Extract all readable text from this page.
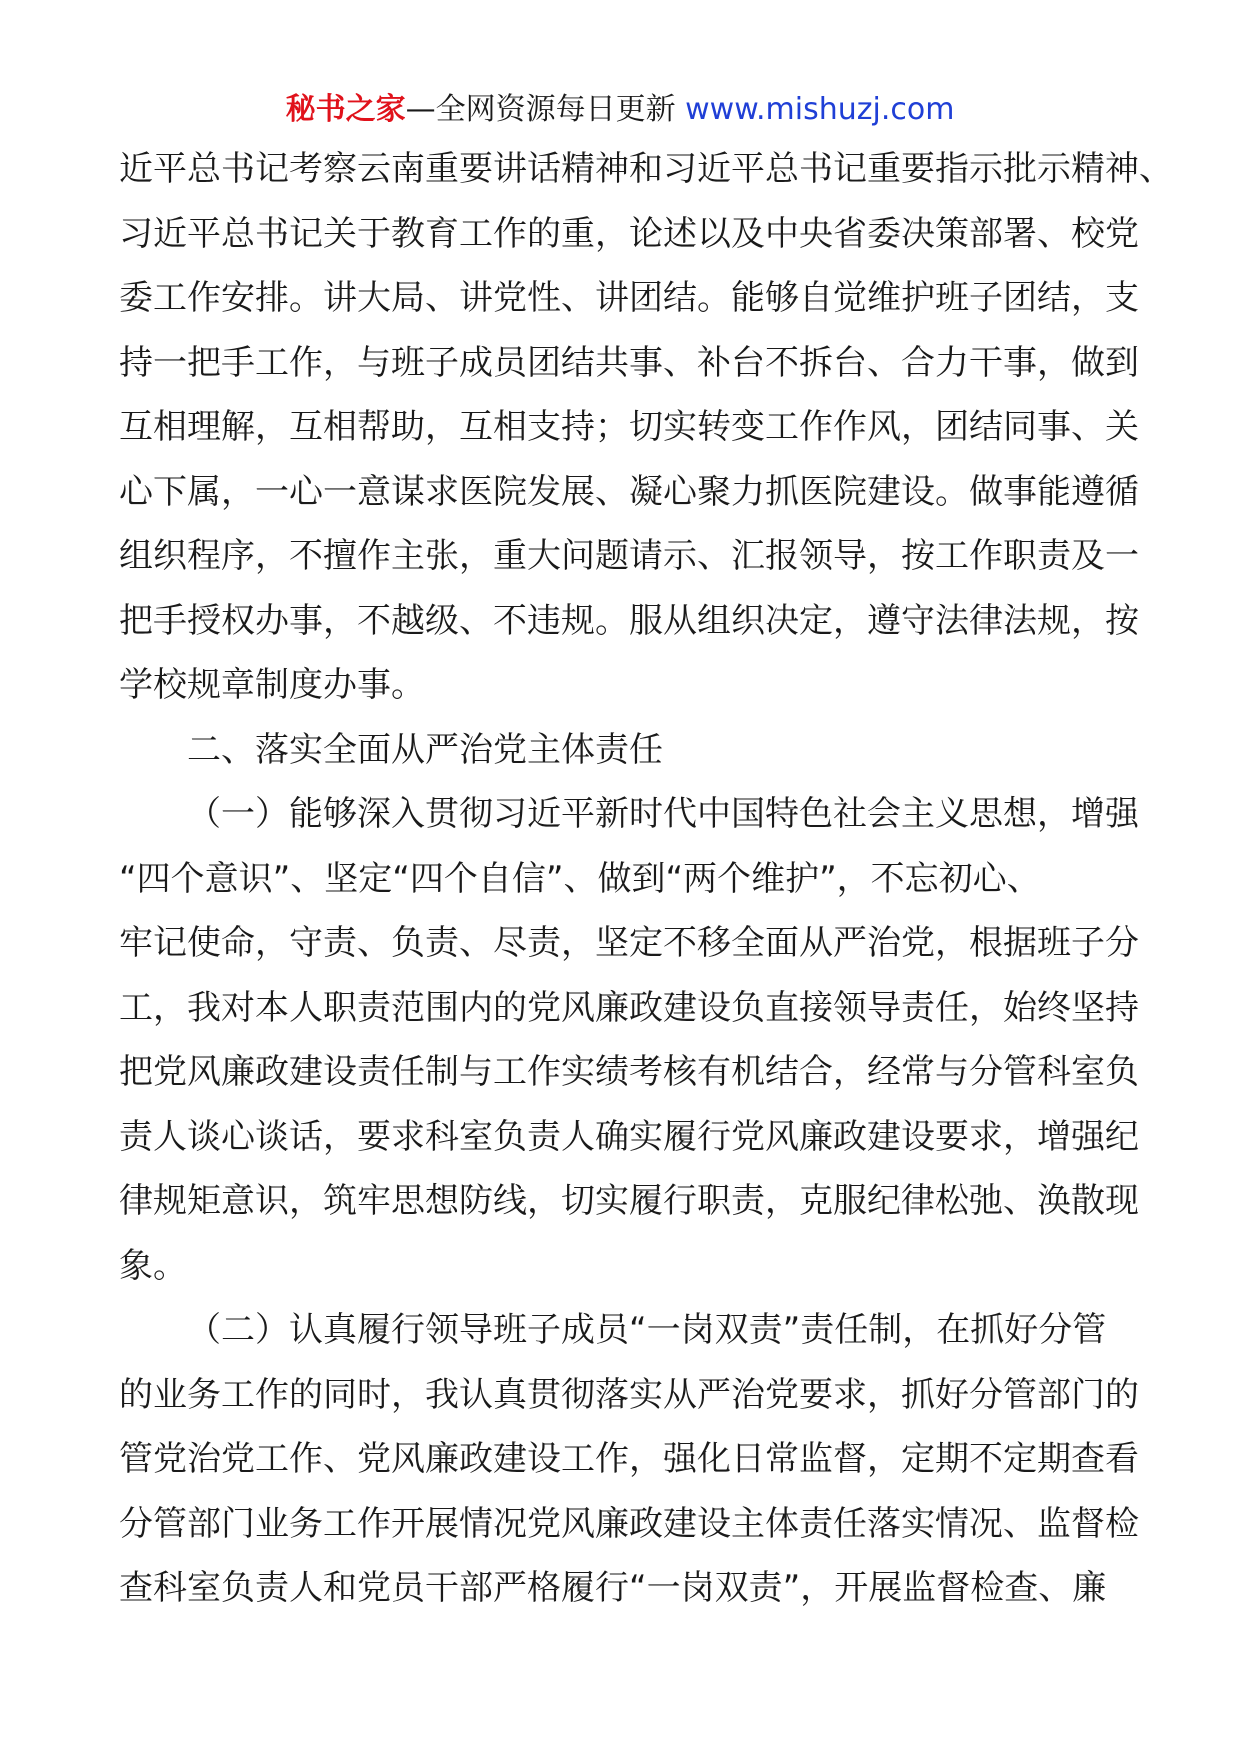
秘书之家—全网资源每日更新 www.mishuzj.com
近平总书记考察云南重要讲话精神和习近平总书记重要指示批示精神、
习近平总书记关于教育工作的重，论述以及中央省委决策部署、校党
委工作安排。讲大局、讲党性、讲团结。能够自觉维护班子团结，支
持一把手工作，与班子成员团结共事、补台不拆台、合力干事，做到
互相理解，互相帮助，互相支持；切实转变工作作风，团结同事、关
心下属，一心一意谋求医院发展、凝心聚力抓医院建设。做事能遵循
组织程序，不擅作主张，重大问题请示、汇报领导，按工作职责及一
把手授权办事，不越级、不违规。服从组织决定，遵守法律法规，按
学校规章制度办事。
二、落实全面从严治党主体责任
（一）能够深入贯彻习近平新时代中国特色社会主义思想，增强
“四个意识”、坚定“四个自信”、做到“两个维护”，不忘初心、
牢记使命，守责、负责、尽责，坚定不移全面从严治党，根据班子分
工，我对本人职责范围内的党风廉政建设负直接领导责任，始终坚持
把党风廉政建设责任制与工作实绩考核有机结合，经常与分管科室负
责人谈心谈话，要求科室负责人确实履行党风廉政建设要求，增强纪
律规矩意识，筑牢思想防线，切实履行职责，克服纪律松弛、涣散现
象。
（二）认真履行领导班子成员“一岗双责”责任制，在抓好分管
的业务工作的同时，我认真贯彻落实从严治党要求，抓好分管部门的
管党治党工作、党风廉政建设工作，强化日常监督，定期不定期查看
分管部门业务工作开展情况党风廉政建设主体责任落实情况、监督检
查科室负责人和党员干部严格履行“一岗双责”，开展监督检查、廉
